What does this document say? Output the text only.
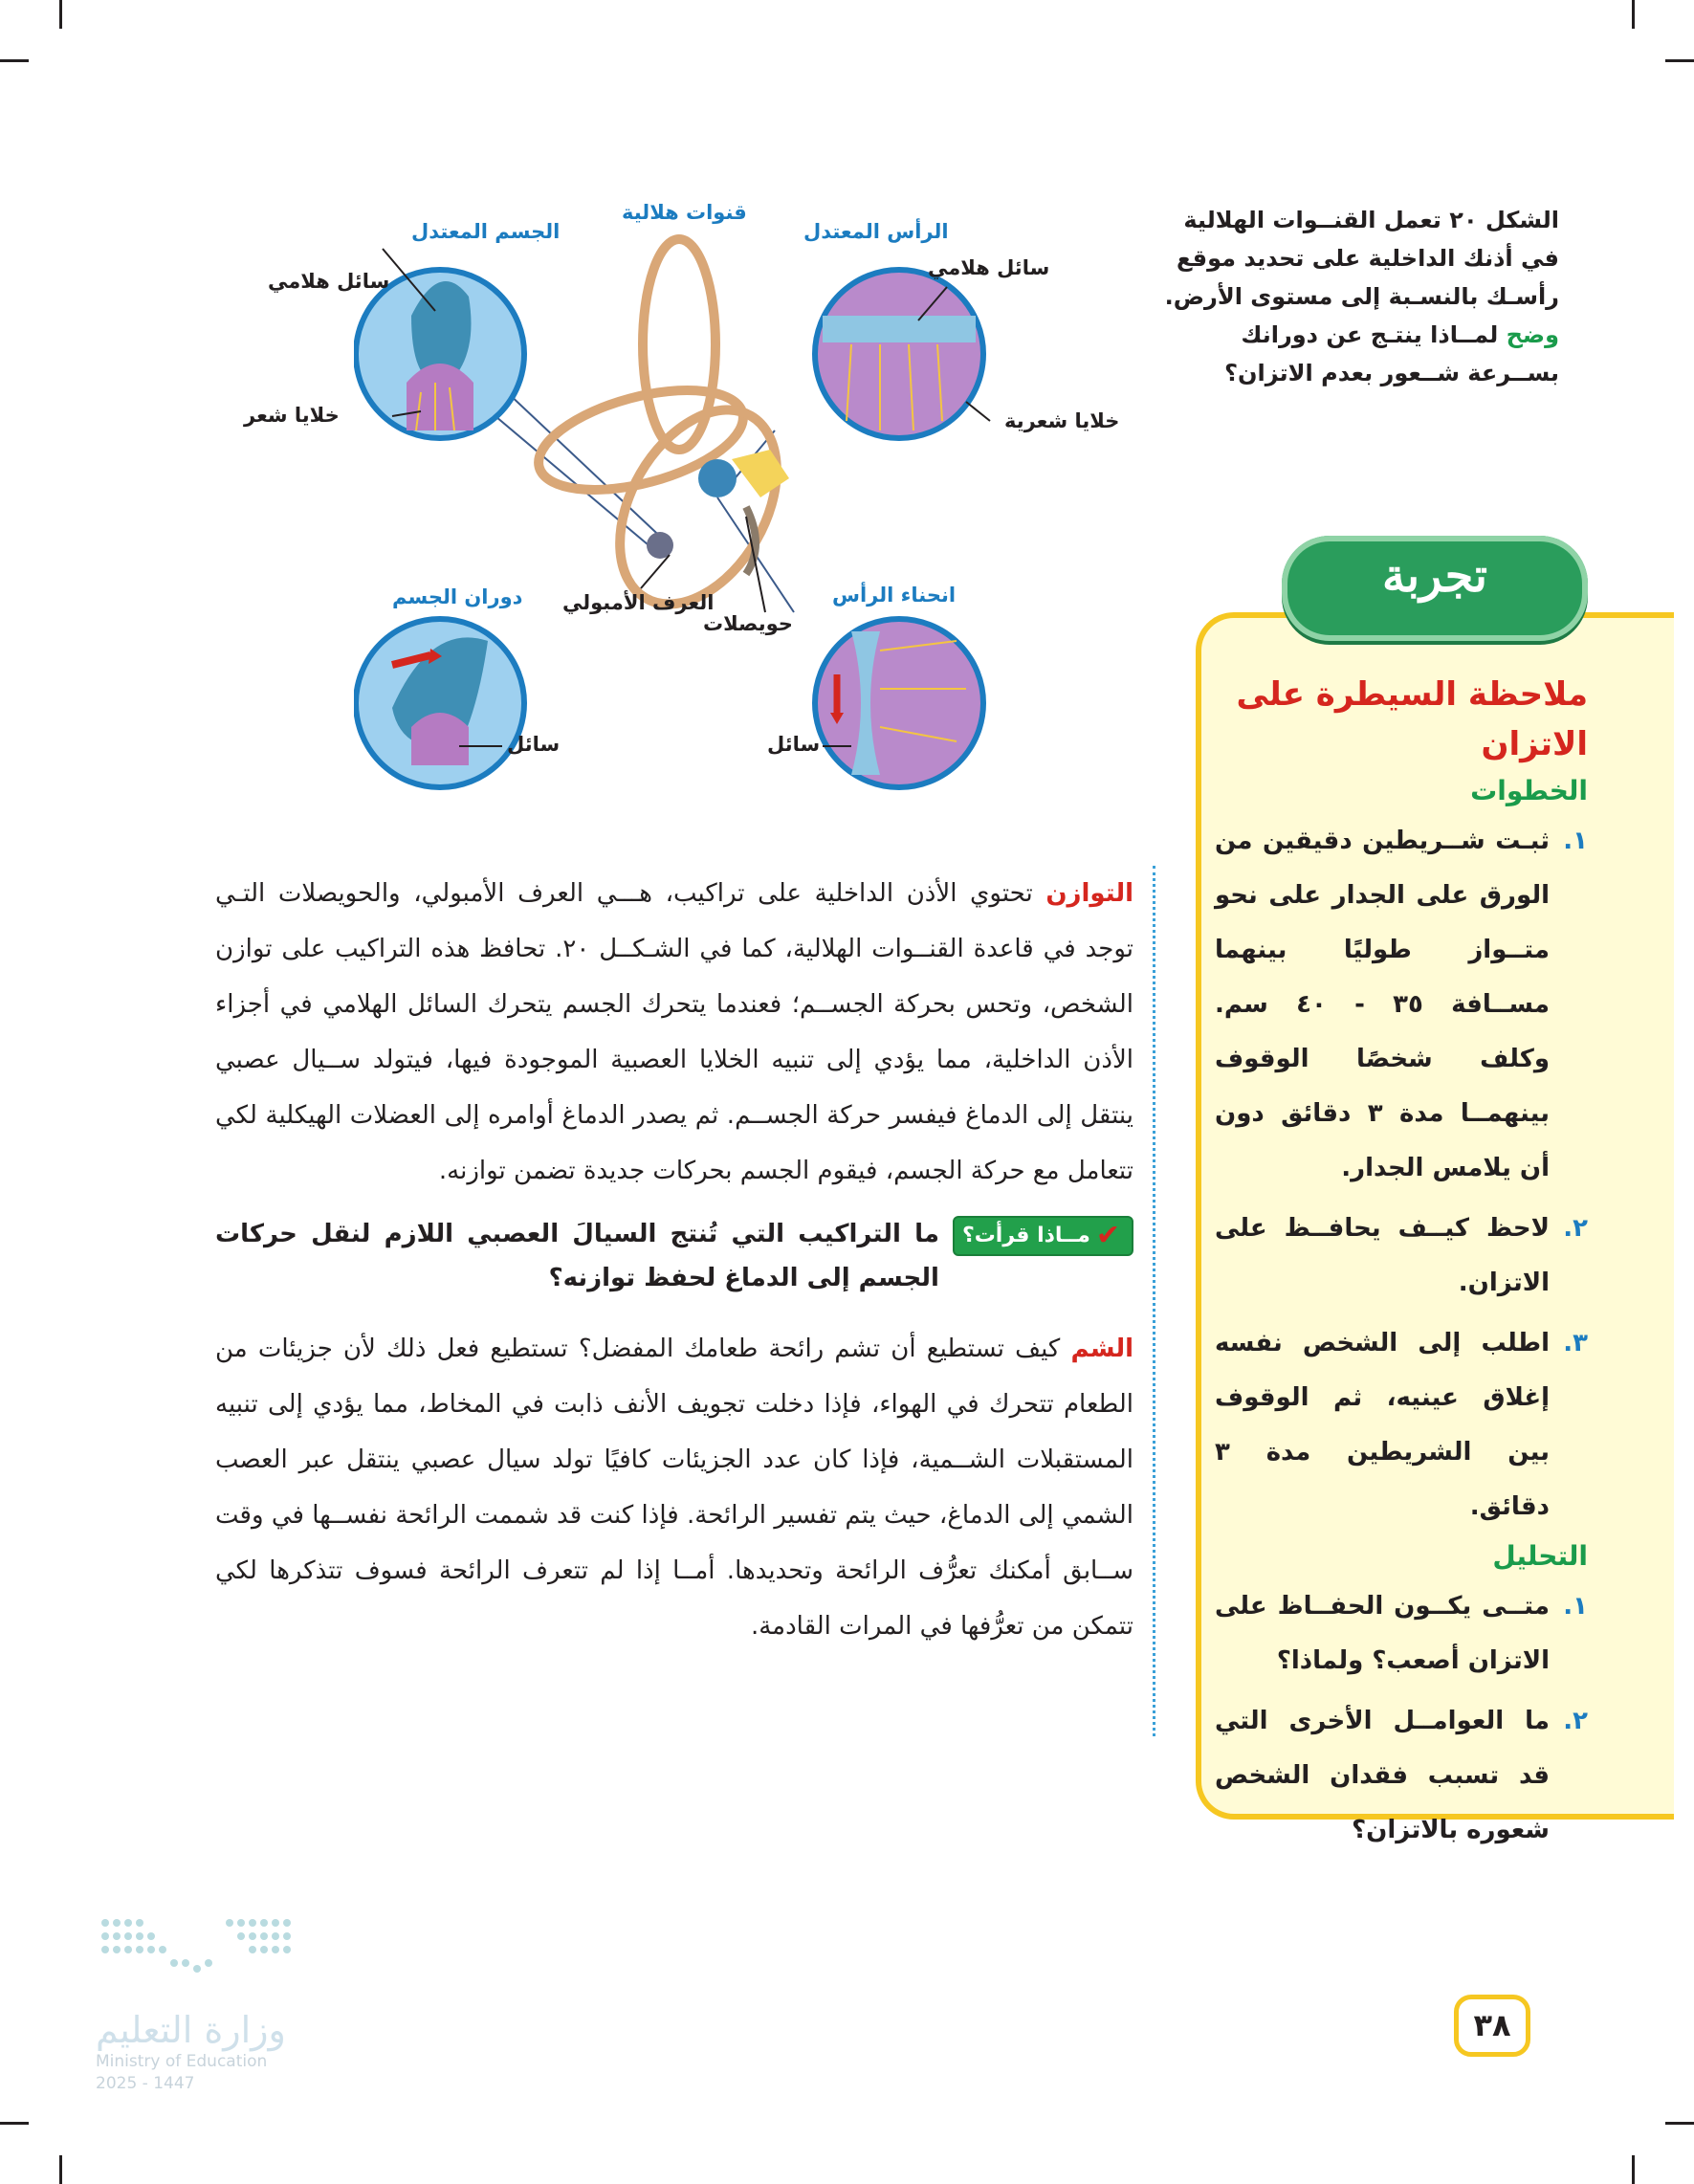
الجسم المعتدل
قنوات هلالية
الرأس المعتدل
سائل هلامي
خلايا شعر
سائل هلامي
خلايا شعرية
العرف الأمبولي
حويصلات
انحناء الرأس
دوران الجسم
سائل	سائل
الشكل ٢٠ تعمل القنــوات الهلالية في أذنك الداخلية على تحديد موقع رأسـك بالنسـبة إلى مستوى الأرض.
وضح لمــاذا ينتـج عن دورانك بســرعة شــعور بعدم الاتزان؟

التوازن تحتوي الأذن الداخلية على تراكيب، هـــي العرف الأمبولي، والحويصلات التـي توجد في قاعدة القنــوات الهلالية، كما في الشـكــل ٢٠. تحافظ هذه التراكيب على توازن الشخص، وتحس بحركة الجســم؛ فعندما يتحرك الجسم يتحرك السائل الهلامي في أجزاء الأذن الداخلية، مما يؤدي إلى تنبيه الخلايا العصبية الموجودة فيها، فيتولد ســيال عصبي ينتقل إلى الدماغ فيفسر حركة الجســم. ثم يصدر الدماغ أوامره إلى العضلات الهيكلية لكي تتعامل مع حركة الجسم، فيقوم الجسم بحركات جديدة تضمن توازنه.

✔
مــاذا قرأت؟
ما التراكيب التي تُنتج السيالَ العصبي اللازم لنقل حركات الجسم إلى الدماغ لحفظ توازنه؟

الشم كيف تستطيع أن تشم رائحة طعامك المفضل؟ تستطيع فعل ذلك لأن جزيئات من الطعام تتحرك في الهواء، فإذا دخلت تجويف الأنف ذابت في المخاط، مما يؤدي إلى تنبيه المستقبلات الشــمية، فإذا كان عدد الجزيئات كافيًا تولد سيال عصبي ينتقل عبر العصب الشمي إلى الدماغ، حيث يتم تفسير الرائحة. فإذا كنت قد شممت الرائحة نفســها في وقت ســابق أمكنك تعرُّف الرائحة وتحديدها. أمــا إذا لم تتعرف الرائحة فسوف تتذكرها لكي تتمكن من تعرُّفها في المرات القادمة.

تجربة
ملاحظة السيطرة على الاتزان
الخطوات
١.
ثبـت شــريطين دقيقين من الورق على الجدار على نحو متــواز طوليًا بينهما مســافة ٣٥ - ٤٠ سم. وكلف شخصًا الوقوف بينهمــا مدة ٣ دقائق دون أن يلامس الجدار.
٢.
لاحظ كيــف يحافــظ على الاتزان.
٣.
اطلب إلى الشخص نفسه إغلاق عينيه، ثم الوقوف بين الشريطين مدة ٣ دقائق.
التحليل
١.
متــى يكــون الحفــاظ على الاتزان أصعب؟ ولماذا؟
٢.
ما العوامــل الأخرى التي قد تسبب فقدان الشخص شعوره بالاتزان؟
٣٨
وزارة التعليم
Ministry of Education
2025 - 1447
